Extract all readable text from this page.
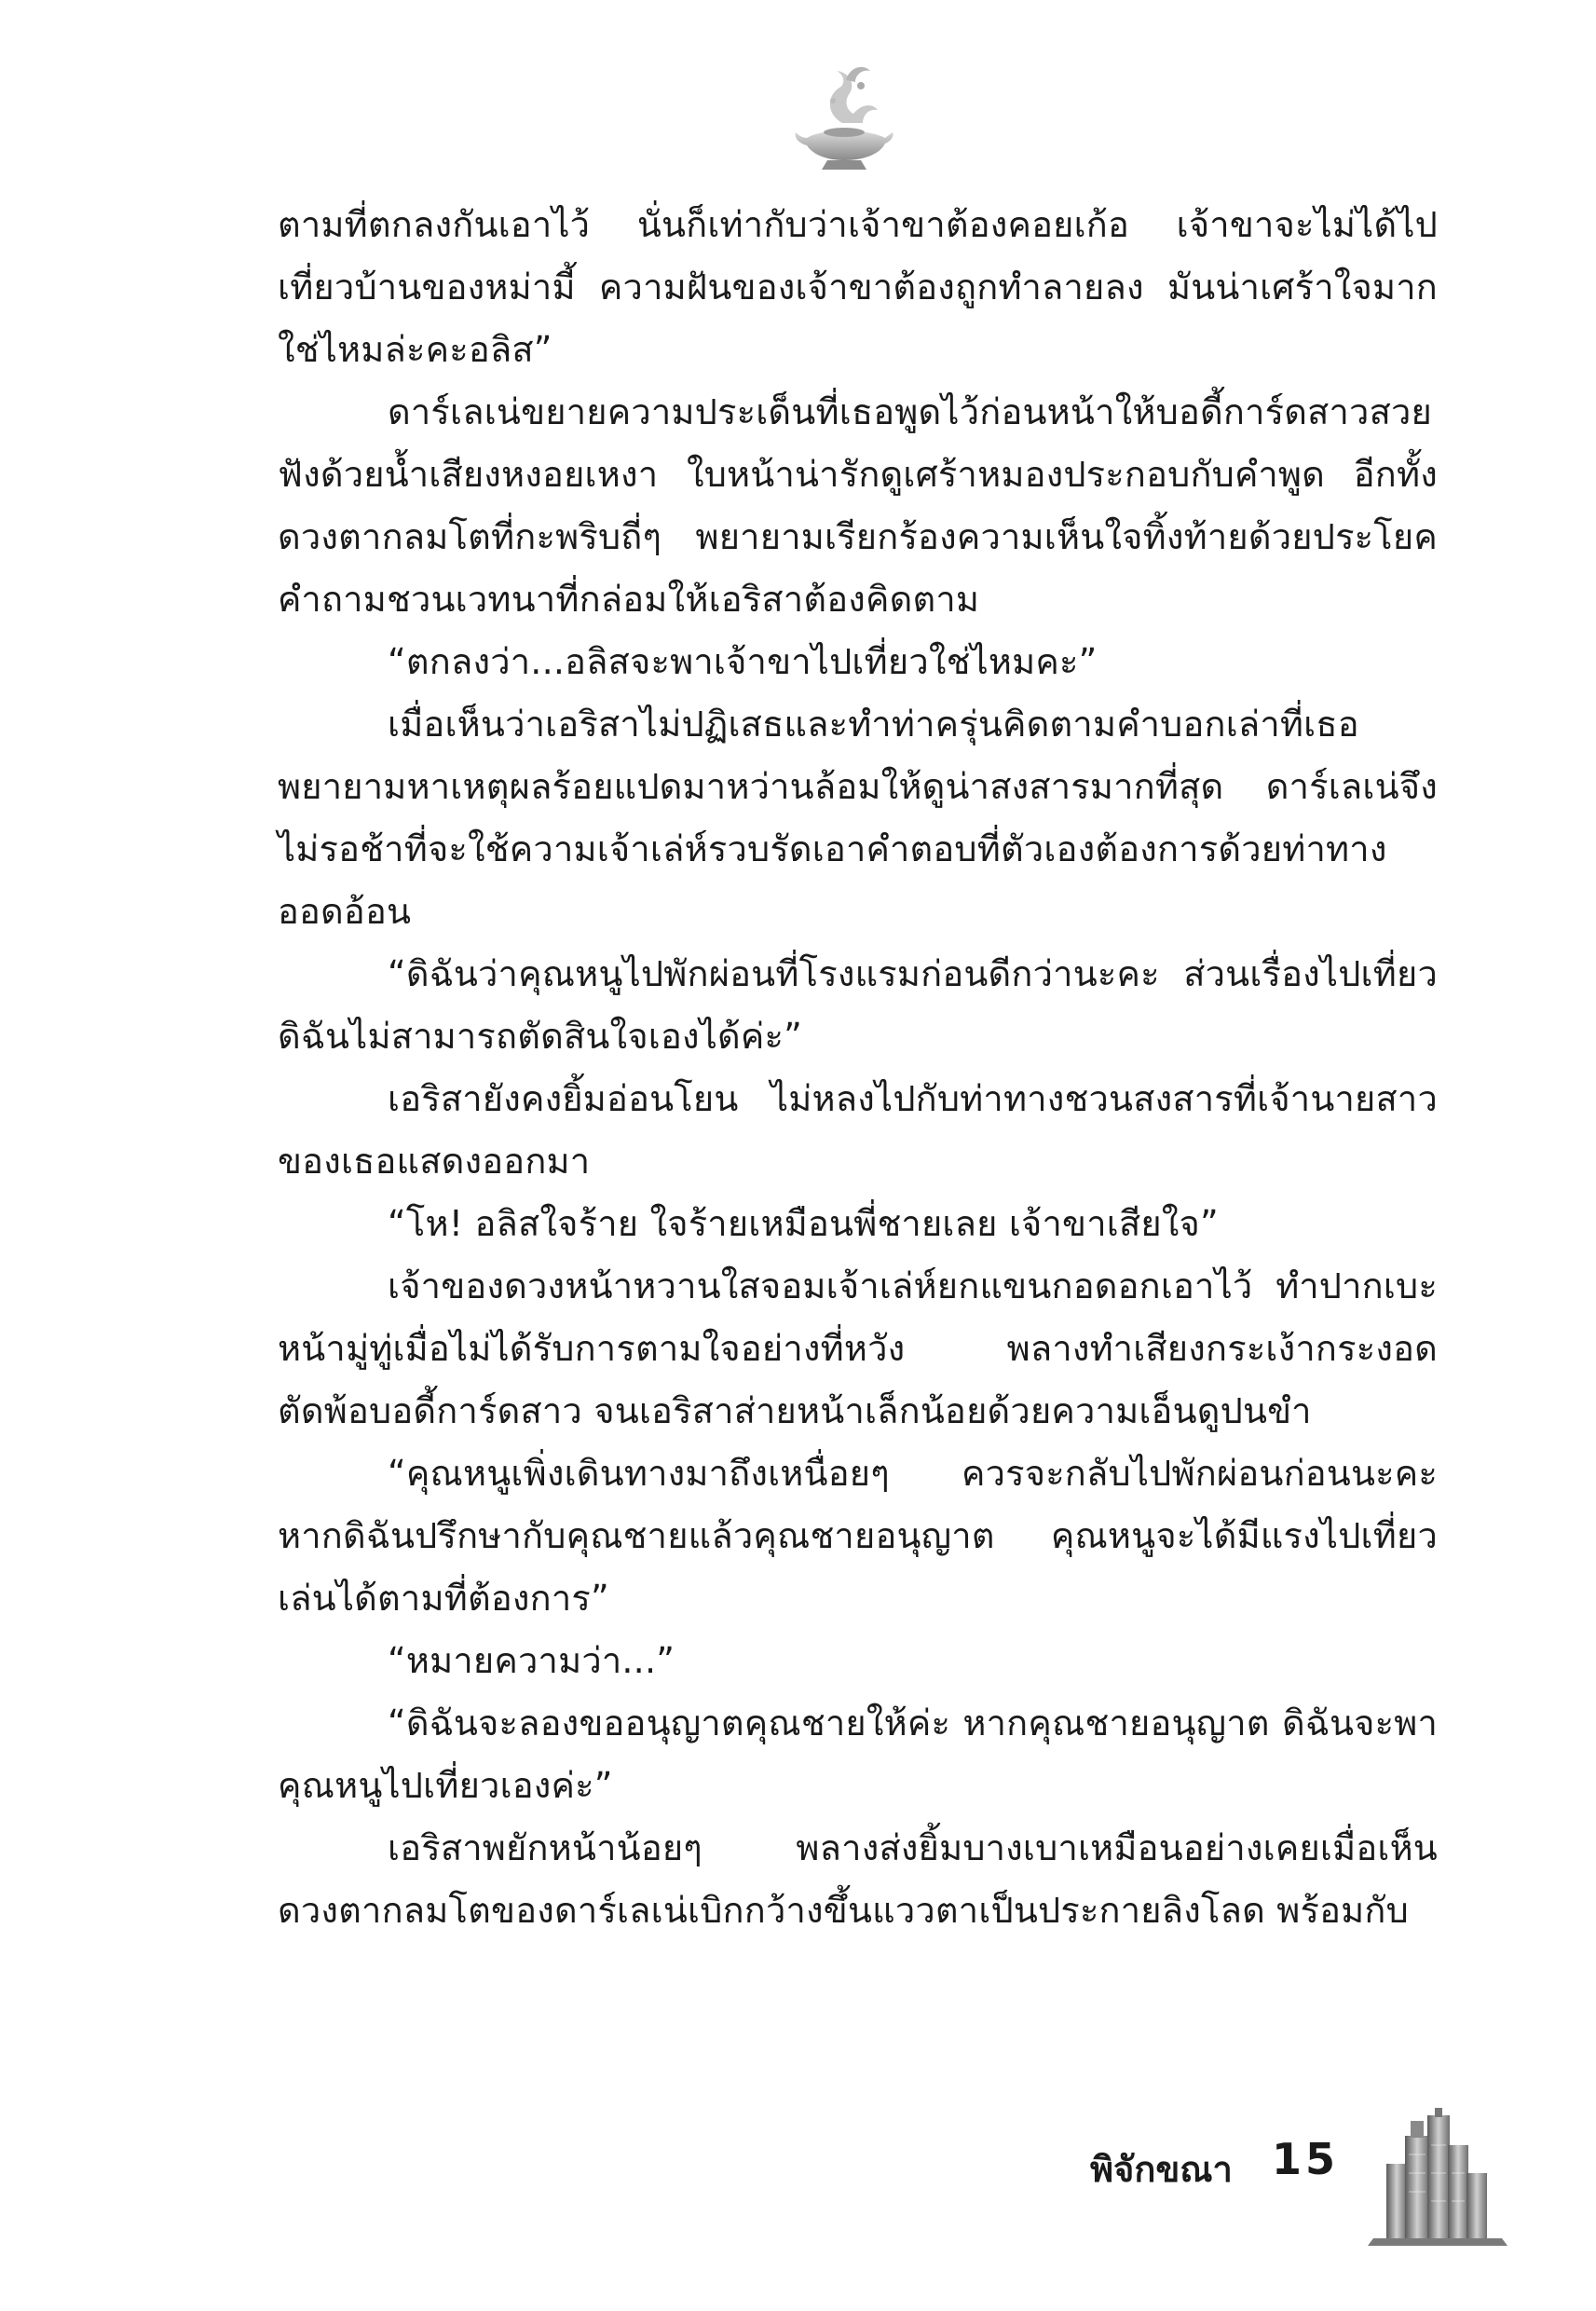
ตามที่ตกลงกันเอาไว้ นั่นก็เท่ากับว่าเจ้าขาต้องคอยเก้อ เจ้าขาจะไม่ได้ไปเที่ยวบ้านของหม่ามี้ ความฝันของเจ้าขาต้องถูกทำลายลง มันน่าเศร้าใจมากใช่ไหมล่ะคะอลิส”

ดาร์เลเน่ขยายความประเด็นที่เธอพูดไว้ก่อนหน้าให้บอดี้การ์ดสาวสวยฟังด้วยน้ำเสียงหงอยเหงา ใบหน้าน่ารักดูเศร้าหมองประกอบกับคำพูด อีกทั้งดวงตากลมโตที่กะพริบถี่ๆ พยายามเรียกร้องความเห็นใจทิ้งท้ายด้วยประโยคคำถามชวนเวทนาที่กล่อมให้เอริสาต้องคิดตาม

“ตกลงว่า...อลิสจะพาเจ้าขาไปเที่ยวใช่ไหมคะ”

เมื่อเห็นว่าเอริสาไม่ปฏิเสธและทำท่าครุ่นคิดตามคำบอกเล่าที่เธอพยายามหาเหตุผลร้อยแปดมาหว่านล้อมให้ดูน่าสงสารมากที่สุด ดาร์เลเน่จึงไม่รอช้าที่จะใช้ความเจ้าเล่ห์รวบรัดเอาคำตอบที่ตัวเองต้องการด้วยท่าทางออดอ้อน

“ดิฉันว่าคุณหนูไปพักผ่อนที่โรงแรมก่อนดีกว่านะคะ ส่วนเรื่องไปเที่ยว ดิฉันไม่สามารถตัดสินใจเองได้ค่ะ”

เอริสายังคงยิ้มอ่อนโยน ไม่หลงไปกับท่าทางชวนสงสารที่เจ้านายสาวของเธอแสดงออกมา

“โห! อลิสใจร้าย ใจร้ายเหมือนพี่ชายเลย เจ้าขาเสียใจ”

เจ้าของดวงหน้าหวานใสจอมเจ้าเล่ห์ยกแขนกอดอกเอาไว้ ทำปากเบะหน้ามู่ทู่เมื่อไม่ได้รับการตามใจอย่างที่หวัง พลางทำเสียงกระเง้ากระงอดตัดพ้อบอดี้การ์ดสาว จนเอริสาส่ายหน้าเล็กน้อยด้วยความเอ็นดูปนขำ

“คุณหนูเพิ่งเดินทางมาถึงเหนื่อยๆ ควรจะกลับไปพักผ่อนก่อนนะคะ หากดิฉันปรึกษากับคุณชายแล้วคุณชายอนุญาต คุณหนูจะได้มีแรงไปเที่ยวเล่นได้ตามที่ต้องการ”

“หมายความว่า...”

“ดิฉันจะลองขออนุญาตคุณชายให้ค่ะ หากคุณชายอนุญาต ดิฉันจะพาคุณหนูไปเที่ยวเองค่ะ”

เอริสาพยักหน้าน้อยๆ พลางส่งยิ้มบางเบาเหมือนอย่างเคยเมื่อเห็นดวงตากลมโตของดาร์เลเน่เบิกกว้างขึ้นแววตาเป็นประกายลิงโลด พร้อมกับ

พิจักขณา 15
